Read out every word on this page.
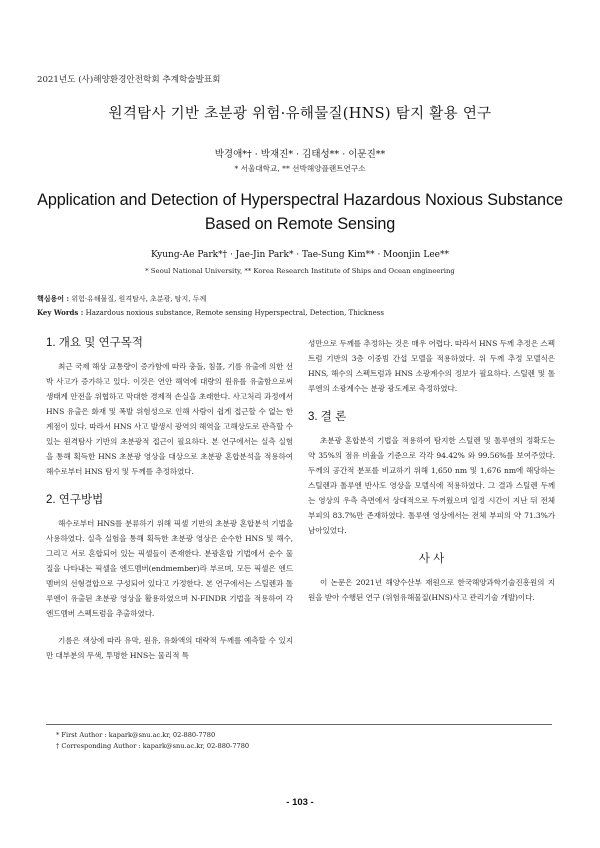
2021년도 (사)해양환경안전학회 추계학술발표회
원격탐사 기반 초분광 위험·유해물질(HNS) 탐지 활용 연구
박경애*† · 박재진* · 김태성** · 이문진**
* 서울대학교, ** 선박해양플랜트연구소
Application and Detection of Hyperspectral Hazardous Noxious Substance Based on Remote Sensing
Kyung-Ae Park*† · Jae-Jin Park* · Tae-Sung Kim** · Moonjin Lee**
* Seoul National University, ** Korea Research Institute of Ships and Ocean engineering
핵심용어 : 위험·유해물질, 원격탐사, 초분광, 탐지, 두께
Key Words : Hazardous noxious substance, Remote sensing Hyperspectral, Detection, Thickness
1. 개요 및 연구목적

최근 국제 해상 교통량이 증가함에 따라 충돌, 침몰, 기름 유출에 의한 선박 사고가 증가하고 있다. 이것은 연안 해역에 대량의 원유를 유출함으로써 생태계 안전을 위협하고 막대한 경제적 손실을 초래한다. 사고처리 과정에서 HNS 유출은 화재 및 폭발 위험성으로 인해 사람이 쉽게 접근할 수 없는 한계점이 있다. 따라서 HNS 사고 발생시 광역의 해역을 고해상도로 관측할 수 있는 원격탐사 기반의 초분광적 접근이 필요하다. 본 연구에서는 실측 실험을 통해 획득한 HNS 초분광 영상을 대상으로 초분광 혼합분석을 적용하여 해수로부터 HNS 탐지 및 두께를 추정하였다.

2. 연구방법

해수로부터 HNS를 분류하기 위해 픽셀 기반의 초분광 혼합분석 기법을 사용하였다. 실측 실험을 통해 획득한 초분광 영상은 순수한 HNS 및 해수, 그리고 서로 혼합되어 있는 픽셀들이 존재한다. 분광혼합 기법에서 순수 물질을 나타내는 픽셀을 엔드멤버(endmember)라 부르며, 모든 픽셀은 엔드멤버의 선형결합으로 구성되어 있다고 가정한다. 본 연구에서는 스틸렌과 톨루엔이 유출된 초분광 영상을 활용하였으며 N-FINDR 기법을 적용하여 각 엔드멤버 스펙트럼을 추출하였다.

기름은 색상에 따라 유막, 원유, 유화액의 대략적 두께를 예측할 수 있지만 대부분의 무색, 투명한 HNS는 물리적 특

성만으로 두께를 추정하는 것은 매우 어렵다. 따라서 HNS 두께 추정은 스펙트럼 기반의 3층 이중빔 간섭 모델을 적용하였다. 위 두께 추정 모델식은 HNS, 해수의 스펙트럼과 HNS 소광계수의 정보가 필요하다. 스틸렌 및 톨루엔의 소광계수는 분광 광도계로 측정하였다.

3. 결 론

초분광 혼합분석 기법을 적용하여 탐지한 스틸렌 및 톨루엔의 정확도는 약 35%의 점유 비율을 기준으로 각각 94.42% 와 99.56%를 보여주었다. 두께의 공간적 분포를 비교하기 위해 1,650 nm 및 1,676 nm에 해당하는 스틸렌과 톨루엔 반사도 영상을 모델식에 적용하였다. 그 결과 스틸렌 두께는 영상의 우측 측면에서 상대적으로 두꺼웠으며 일정 시간이 지난 뒤 전체 부피의 83.7%만 존재하였다. 톨루엔 영상에서는 전체 부피의 약 71.3%가 남아있었다.

사 사

이 논문은 2021년 해양수산부 재원으로 한국해양과학기술진흥원의 지원을 받아 수행된 연구 (위험유해물질(HNS)사고 관리기술 개발)이다.

* First Author : kapark@snu.ac.kr, 02-880-7780
† Corresponding Author : kapark@snu.ac.kr, 02-880-7780
- 103 -
